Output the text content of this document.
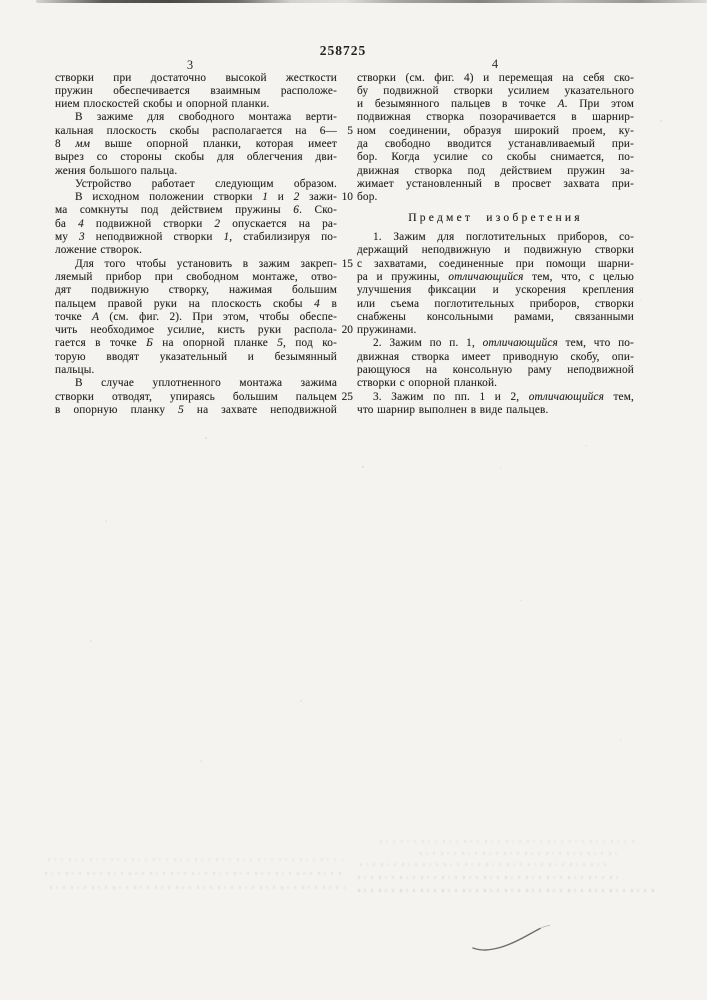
258725
3	4
створки при достаточно высокой жесткости
пружин обеспечивается взаимным расположе-
нием плоскостей скобы и опорной планки.
В зажиме для свободного монтажа верти-
кальная плоскость скобы располагается на 6—
8 мм выше опорной планки, которая имеет
вырез со стороны скобы для облегчения дви-
жения большого пальца.
Устройство работает следующим образом.
В исходном положении створки 1 и 2 зажи-
ма сомкнуты под действием пружины 6. Ско-
ба 4 подвижной створки 2 опускается на ра-
му 3 неподвижной створки 1, стабилизируя по-
ложение створок.
Для того чтобы установить в зажим закреп-
ляемый прибор при свободном монтаже, отво-
дят подвижную створку, нажимая большим
пальцем правой руки на плоскость скобы 4 в
точке А (см. фиг. 2). При этом, чтобы обеспе-
чить необходимое усилие, кисть руки распола-
гается в точке Б на опорной планке 5, под ко-
торую вводят указательный и безымянный
пальцы.
В случае уплотненного монтажа зажима
створки отводят, упираясь большим пальцем
в опорную планку 5 на захвате неподвижной
створки (см. фиг. 4) и перемещая на себя ско-
бу подвижной створки усилием указательного
и безымянного пальцев в точке А. При этом
подвижная створка позорачивается в шарнир-
ном соединении, образуя широкий проем, ку-
да свободно вводится устанавливаемый при-
бор. Когда усилие со скобы снимается, по-
движная створка под действием пружин за-
жимает установленный в просвет захвата при-
бор.
Предмет изобретения
1. Зажим для поглотительных приборов, со-
держащий неподвижную и подвижную створки
с захватами, соединенные при помощи шарни-
ра и пружины, отличающийся тем, что, с целью
улучшения фиксации и ускорения крепления
или съема поглотительных приборов, створки
снабжены консольными рамами, связанными
пружинами.
2. Зажим по п. 1, отличающийся тем, что по-
движная створка имеет приводную скобу, опи-
рающуюся на консольную раму неподвижной
створки с опорной планкой.
3. Зажим по пп. 1 и 2, отличающийся тем,
что шарнир выполнен в виде пальцев.
5
10
15
20
25
